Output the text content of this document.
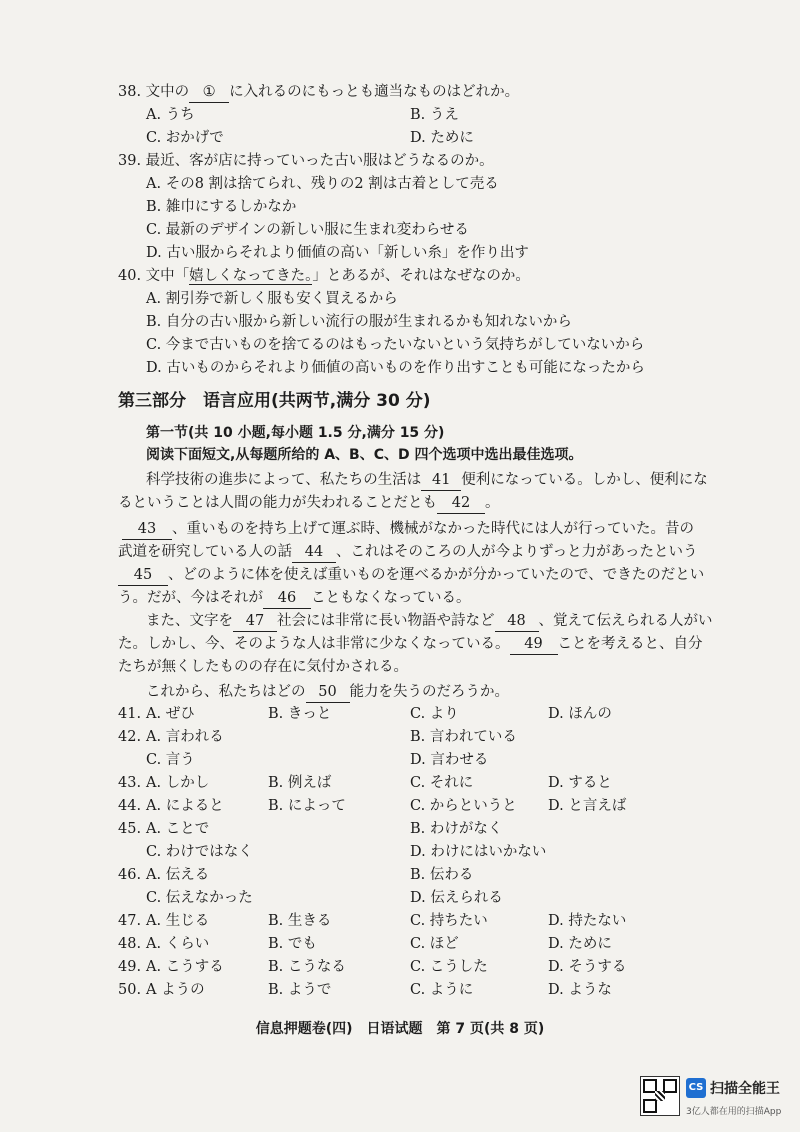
38. 文中の ① に入れるのにもっとも適当なものはどれか。
A. うち	B. うえ
C. おかげで	D. ために
39. 最近、客が店に持っていった古い服はどうなるのか。
A. その8 割は捨てられ、残りの2 割は古着として売る
B. 雑巾にするしかなか
C. 最新のデザインの新しい服に生まれ変わらせる
D. 古い服からそれより価値の高い「新しい糸」を作り出す
40. 文中「嬉しくなってきた。」とあるが、それはなぜなのか。
A. 割引券で新しく服も安く買えるから
B. 自分の古い服から新しい流行の服が生まれるかも知れないから
C. 今まで古いものを捨てるのはもったいないという気持ちがしていないから
D. 古いものからそれより価値の高いものを作り出すことも可能になったから
第三部分　语言应用(共两节,满分 30 分)
第一节(共 10 小题,每小题 1.5 分,满分 15 分)
阅读下面短文,从每题所给的 A、B、C、D 四个选项中选出最佳选项。
科学技術の進歩によって、私たちの生活は 41 便利になっている。しかし、便利にな
るということは人間の能力が失われることだとも 42 。
43 、重いものを持ち上げて運ぶ時、機械がなかった時代には人が行っていた。昔の
武道を研究している人の話 44 、これはそのころの人が今よりずっと力があったという
45 、どのように体を使えば重いものを運べるかが分かっていたので、できたのだとい
う。だが、今はそれが 46 こともなくなっている。
また、文字を 47 社会には非常に長い物語や詩など 48 、覚えて伝えられる人がい
た。しかし、今、そのような人は非常に少なくなっている。 49 ことを考えると、自分
たちが無くしたものの存在に気付かされる。
これから、私たちはどの 50 能力を失うのだろうか。
41. A. ぜひ	B. きっと	C. より	D. ほんの
42. A. 言われる	B. 言われている
C. 言う	D. 言わせる
43. A. しかし	B. 例えば	C. それに	D. すると
44. A. によると	B. によって	C. からというと D. と言えば
45. A. ことで	B. わけがなく
C. わけではなく	D. わけにはいかない
46. A. 伝える	B. 伝わる
C. 伝えなかった	D. 伝えられる
47. A. 生じる	B. 生きる	C. 持ちたい	D. 持たない
48. A. くらい	B. でも	C. ほど	D. ために
49. A. こうする	B. こうなる	C. こうした	D. そうする
50. A ようの	B. ようで	C. ように	D. ような
信息押题卷(四)　日语试题　第 7 页(共 8 页)
CS 扫描全能王
3亿人都在用的扫描App
